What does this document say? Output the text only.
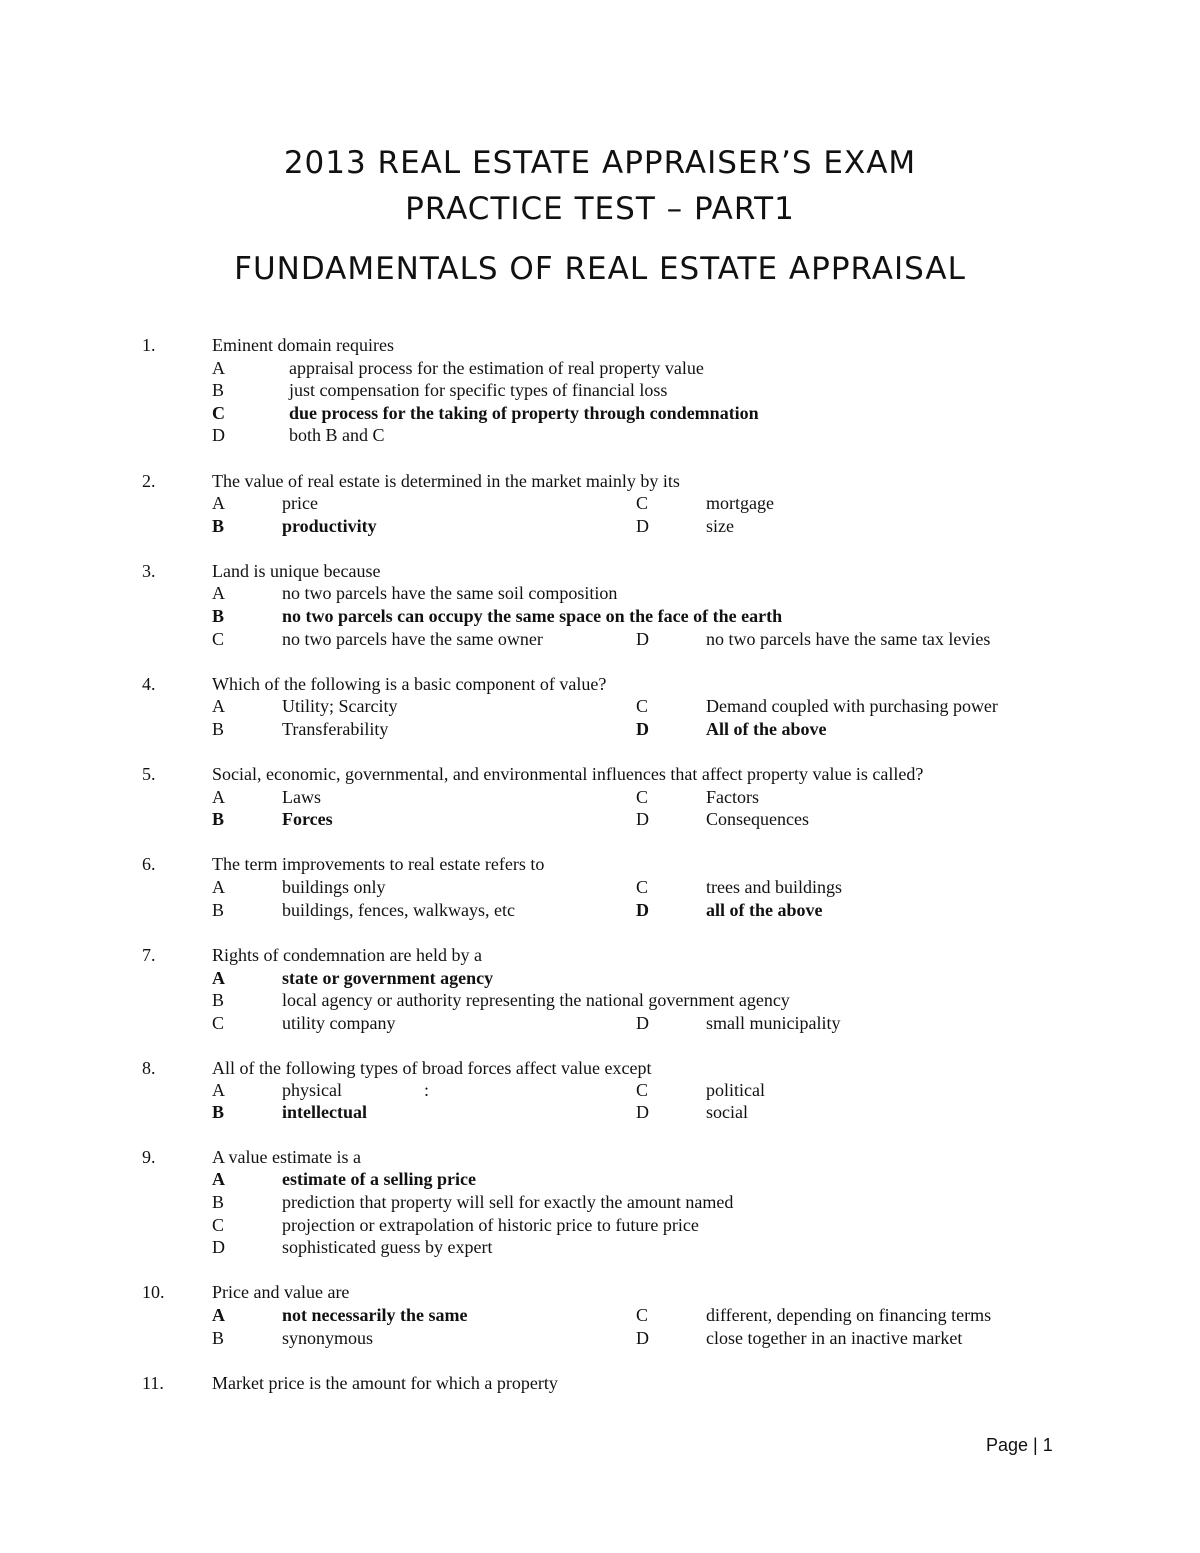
2013 REAL ESTATE APPRAISER’S EXAM
PRACTICE TEST – PART1
FUNDAMENTALS OF REAL ESTATE APPRAISAL
1.	Eminent domain requires
A	appraisal process for the estimation of real property value
B	just compensation for specific types of financial loss
C	due process for the taking of property through condemnation
D	both B and C
2.	The value of real estate is determined in the market mainly by its
A	price	C	mortgage
B	productivity	D	size
3.	Land is unique because
A	no two parcels have the same soil composition
B	no two parcels can occupy the same space on the face of the earth
C	no two parcels have the same owner	D	no two parcels have the same tax levies
4.	Which of the following is a basic component of value?
A	Utility; Scarcity	C	Demand coupled with purchasing power
B	Transferability	D	All of the above
5.	Social, economic, governmental, and environmental influences that affect property value is called?
A	Laws	C	Factors
B	Forces	D	Consequences
6.	The term improvements to real estate refers to
A	buildings only	C	trees and buildings
B	buildings, fences, walkways, etc	D	all of the above
7.	Rights of condemnation are held by a
A	state or government agency
B	local agency or authority representing the national government agency
C	utility company	D	small municipality
8.	All of the following types of broad forces affect value except
A	physical	:	C	political
B	intellectual	D	social
9.	A value estimate is a
A	estimate of a selling price
B	prediction that property will sell for exactly the amount named
C	projection or extrapolation of historic price to future price
D	sophisticated guess by expert
10.	Price and value are
A	not necessarily the same	C	different, depending on financing terms
B	synonymous	D	close together in an inactive market
11.	Market price is the amount for which a property
Page | 1
